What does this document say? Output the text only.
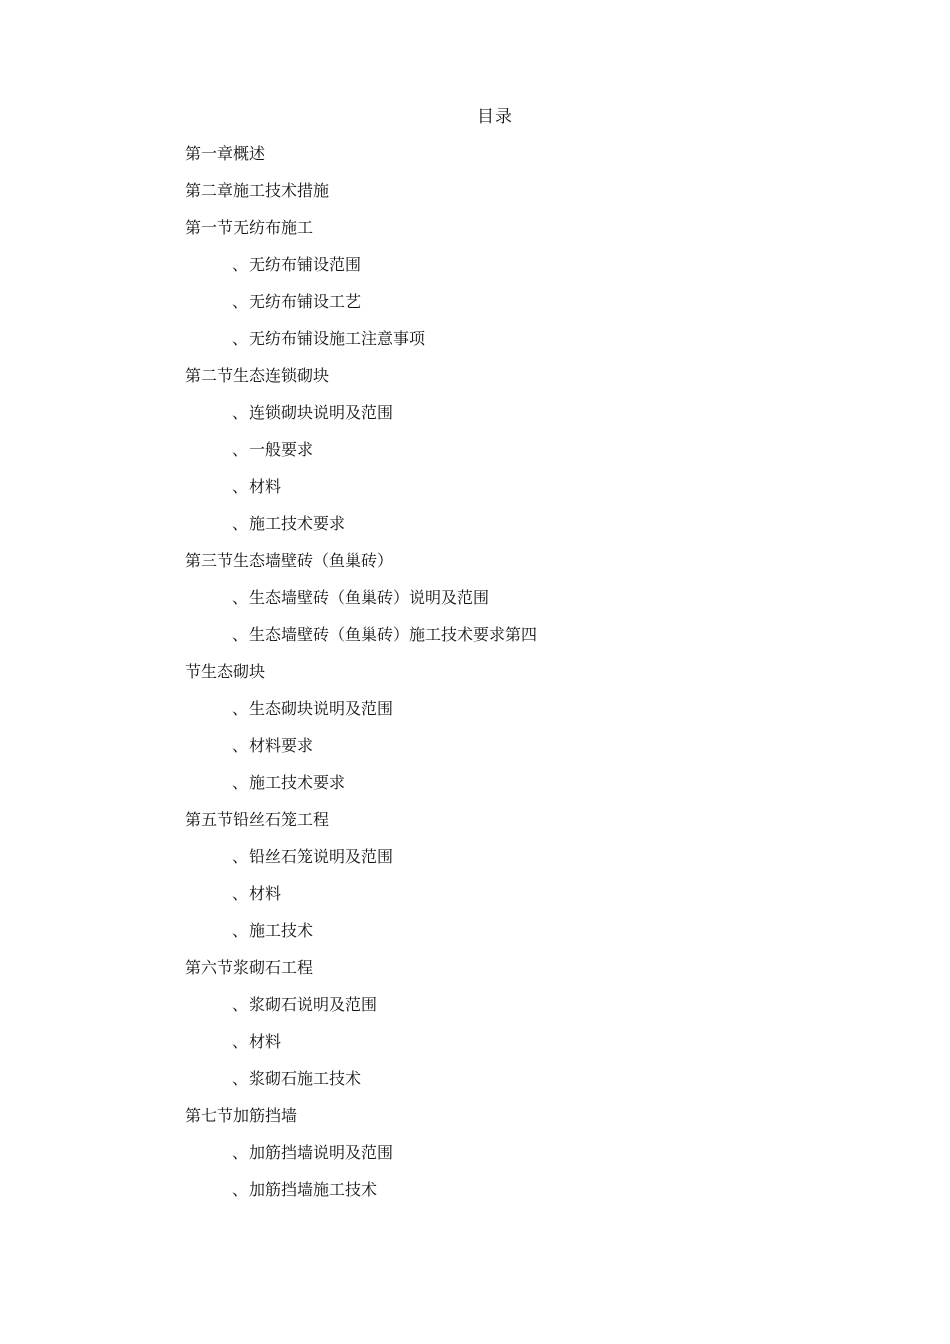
目录
第一章概述
第二章施工技术措施
第一节无纺布施工
、无纺布铺设范围
、无纺布铺设工艺
、无纺布铺设施工注意事项
第二节生态连锁砌块
、连锁砌块说明及范围
、一般要求
、材料
、施工技术要求
第三节生态墙壁砖（鱼巢砖）
、生态墙壁砖（鱼巢砖）说明及范围
、生态墙壁砖（鱼巢砖）施工技术要求第四
节生态砌块
、生态砌块说明及范围
、材料要求
、施工技术要求
第五节铅丝石笼工程
、铅丝石笼说明及范围
、材料
、施工技术
第六节浆砌石工程
、浆砌石说明及范围
、材料
、浆砌石施工技术
第七节加筋挡墙
、加筋挡墙说明及范围
、加筋挡墙施工技术
